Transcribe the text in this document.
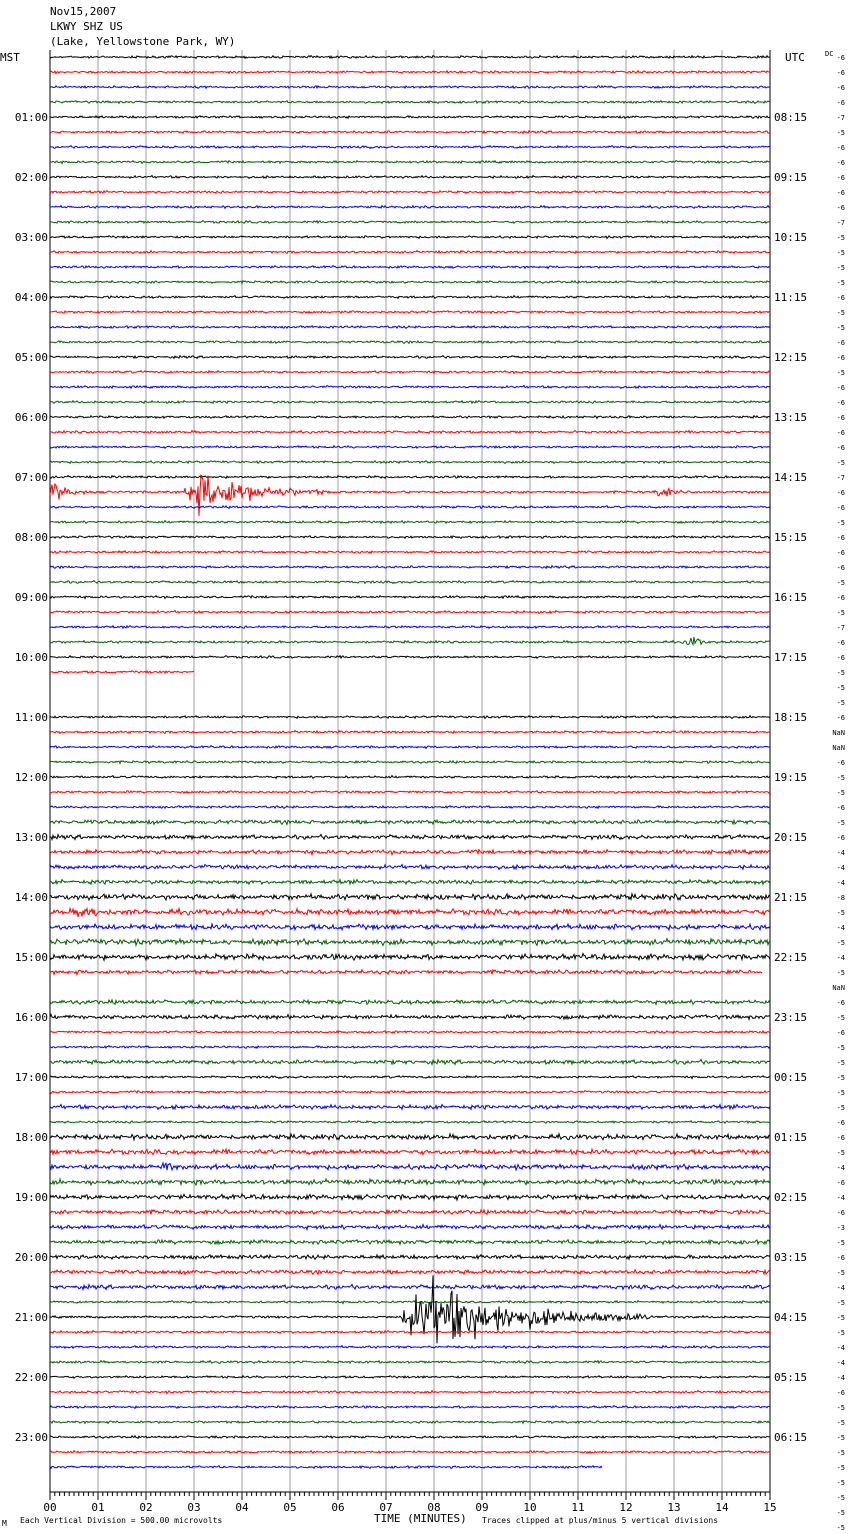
Nov15,2007
LKWY SHZ US
(Lake, Yellowstone Park, WY)
MST	UTC	DC
01:00
02:00
03:00
04:00
05:00
06:00
07:00
08:00
09:00
10:00
11:00
12:00
13:00
14:00
15:00
16:00
17:00
18:00
19:00
20:00
21:00
22:00
23:00
08:15
09:15
10:15
11:15
12:15
13:15
14:15
15:15
16:15
17:15
18:15
19:15
20:15
21:15
22:15
23:15
00:15
01:15
02:15
03:15
04:15
05:15
06:15
-6
-6
-6
-6
-7
-5
-6
-6
-6
-6
-6
-7
-5
-5
-5
-5
-6
-5
-5
-6
-6
-5
-6
-6
-6
-6
-6
-5
-7
-6
-6
-5
-6
-6
-6
-5
-6
-5
-7
-6
-6
-5
-5
-5
-6
NaN
NaN
-6
-5
-5
-6
-5
-6
-4
-4
-4
-8
-5
-4
-5
-4
-5
NaN
-6
-5
-6
-5
-5
-5
-5
-5
-6
-6
-5
-4
-6
-4
-6
-3
-5
-6
-5
-4
-5
-5
-5
-4
-4
-4
-6
-5
-5
-5
-5
-5
-5
-5
-5
-5
00	01	02	03	04	05	06	07	08	09	10	11	12	13	14	15
TIME (MINUTES)
M Each Vertical Division = 500.00 microvolts	Traces clipped at plus/minus 5 vertical divisions
